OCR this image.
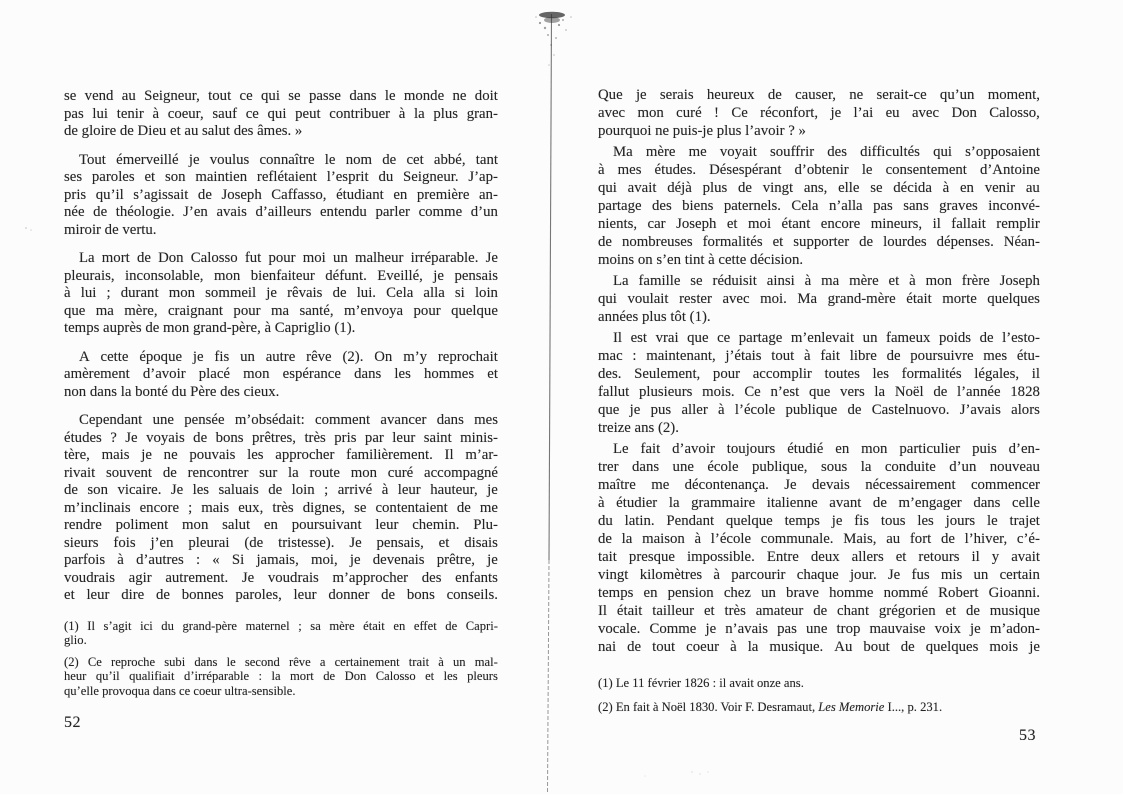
se vend au Seigneur, tout ce qui se passe dans le monde ne doit
pas lui tenir à coeur, sauf ce qui peut contribuer à la plus gran-
de gloire de Dieu et au salut des âmes. »
Tout émerveillé je voulus connaître le nom de cet abbé, tant
ses paroles et son maintien reflétaient l’esprit du Seigneur. J’ap-
pris qu’il s’agissait de Joseph Caffasso, étudiant en première an-
née de théologie. J’en avais d’ailleurs entendu parler comme d’un
miroir de vertu.
La mort de Don Calosso fut pour moi un malheur irréparable. Je
pleurais, inconsolable, mon bienfaiteur défunt. Eveillé, je pensais
à lui ; durant mon sommeil je rêvais de lui. Cela alla si loin
que ma mère, craignant pour ma santé, m’envoya pour quelque
temps auprès de mon grand-père, à Capriglio (1).
A cette époque je fis un autre rêve (2). On m’y reprochait
amèrement d’avoir placé mon espérance dans les hommes et
non dans la bonté du Père des cieux.
Cependant une pensée m’obsédait: comment avancer dans mes
études ? Je voyais de bons prêtres, très pris par leur saint minis-
tère, mais je ne pouvais les approcher familièrement. Il m’ar-
rivait souvent de rencontrer sur la route mon curé accompagné
de son vicaire. Je les saluais de loin ; arrivé à leur hauteur, je
m’inclinais encore ; mais eux, très dignes, se contentaient de me
rendre poliment mon salut en poursuivant leur chemin. Plu-
sieurs fois j’en pleurai (de tristesse). Je pensais, et disais
parfois à d’autres : « Si jamais, moi, je devenais prêtre, je
voudrais agir autrement. Je voudrais m’approcher des enfants
et leur dire de bonnes paroles, leur donner de bons conseils.
(1) Il s’agit ici du grand-père maternel ; sa mère était en effet de Capri-
glio.
(2) Ce reproche subi dans le second rêve a certainement trait à un mal-
heur qu’il qualifiait d’irréparable : la mort de Don Calosso et les pleurs
qu’elle provoqua dans ce coeur ultra-sensible.
52
Que je serais heureux de causer, ne serait-ce qu’un moment,
avec mon curé ! Ce réconfort, je l’ai eu avec Don Calosso,
pourquoi ne puis-je plus l’avoir ? »
Ma mère me voyait souffrir des difficultés qui s’opposaient
à mes études. Désespérant d’obtenir le consentement d’Antoine
qui avait déjà plus de vingt ans, elle se décida à en venir au
partage des biens paternels. Cela n’alla pas sans graves inconvé-
nients, car Joseph et moi étant encore mineurs, il fallait remplir
de nombreuses formalités et supporter de lourdes dépenses. Néan-
moins on s’en tint à cette décision.
La famille se réduisit ainsi à ma mère et à mon frère Joseph
qui voulait rester avec moi. Ma grand-mère était morte quelques
années plus tôt (1).
Il est vrai que ce partage m’enlevait un fameux poids de l’esto-
mac : maintenant, j’étais tout à fait libre de poursuivre mes étu-
des. Seulement, pour accomplir toutes les formalités légales, il
fallut plusieurs mois. Ce n’est que vers la Noël de l’année 1828
que je pus aller à l’école publique de Castelnuovo. J’avais alors
treize ans (2).
Le fait d’avoir toujours étudié en mon particulier puis d’en-
trer dans une école publique, sous la conduite d’un nouveau
maître me décontenança. Je devais nécessairement commencer
à étudier la grammaire italienne avant de m’engager dans celle
du latin. Pendant quelque temps je fis tous les jours le trajet
de la maison à l’école communale. Mais, au fort de l’hiver, c’é-
tait presque impossible. Entre deux allers et retours il y avait
vingt kilomètres à parcourir chaque jour. Je fus mis un certain
temps en pension chez un brave homme nommé Robert Gioanni.
Il était tailleur et très amateur de chant grégorien et de musique
vocale. Comme je n’avais pas une trop mauvaise voix je m’adon-
nai de tout coeur à la musique. Au bout de quelques mois je
(1) Le 11 février 1826 : il avait onze ans.
(2) En fait à Noël 1830. Voir F. Desramaut, Les Memorie I..., p. 231.
53
